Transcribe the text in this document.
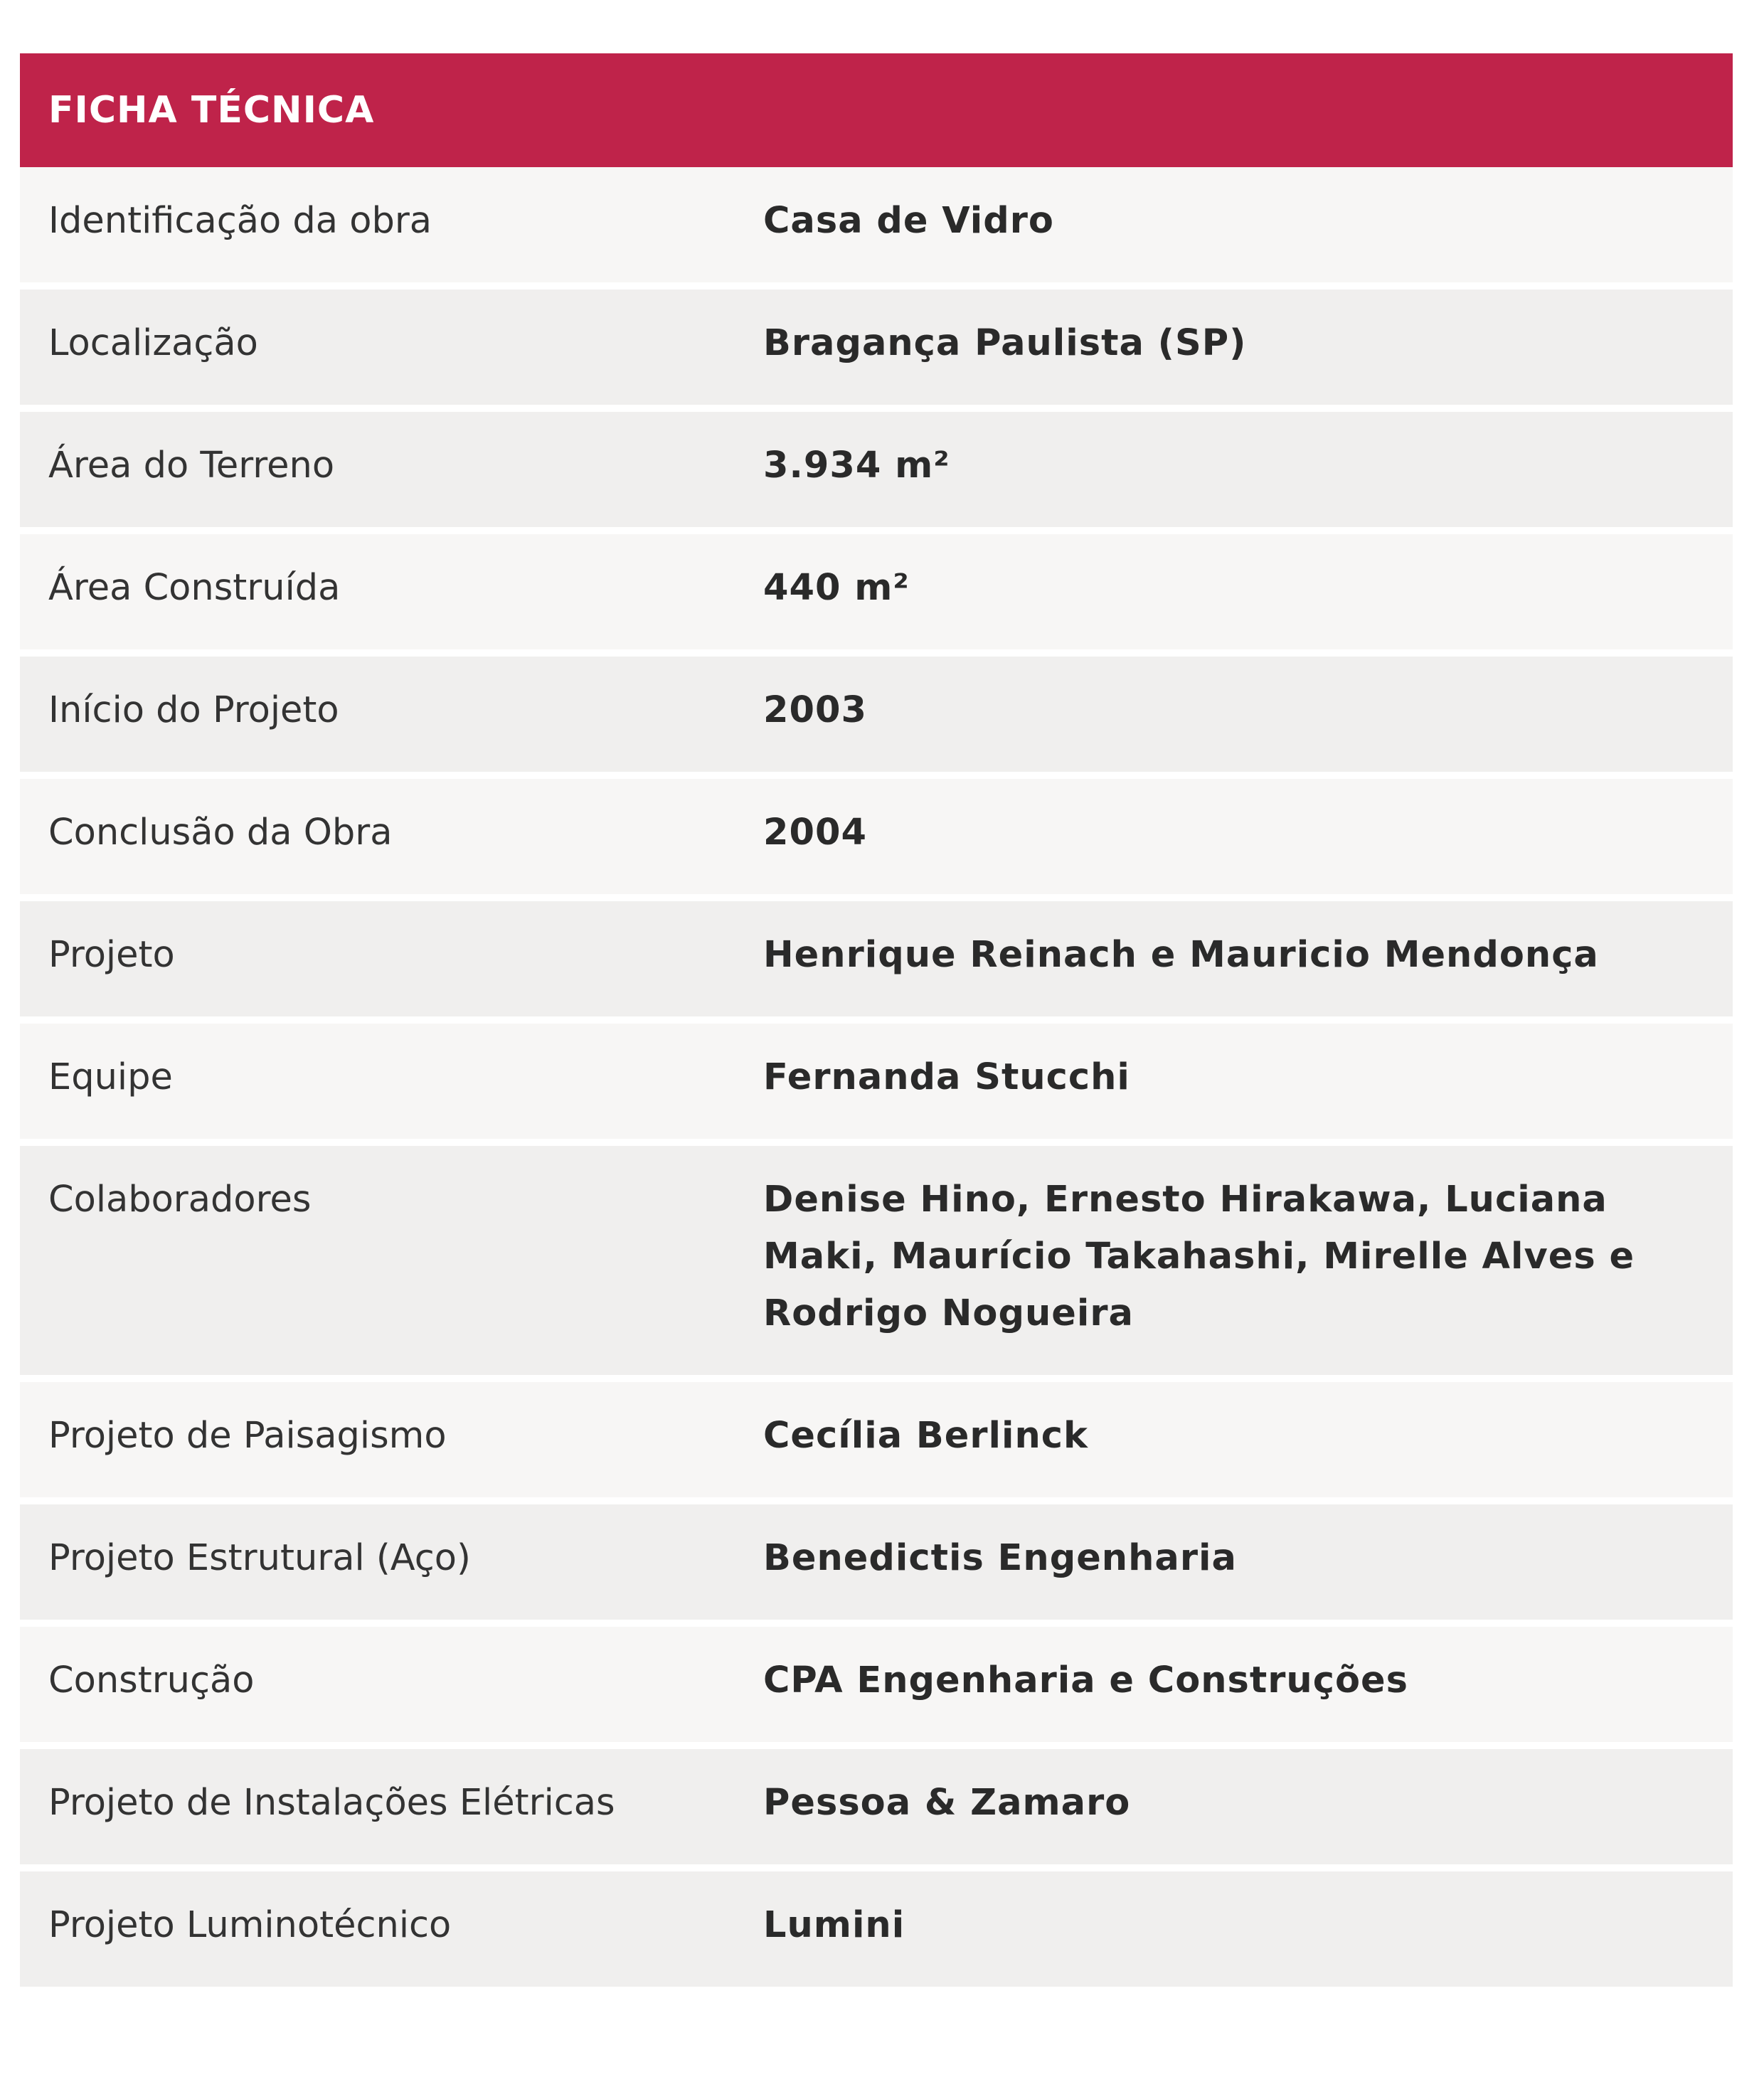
FICHA TÉCNICA
Identificação da obra	Casa de Vidro
Localização	Bragança Paulista (SP)
Área do Terreno	3.934 m²
Área Construída	440 m²
Início do Projeto	2003
Conclusão da Obra	2004
Projeto	Henrique Reinach e Mauricio Mendonça
Equipe	Fernanda Stucchi
Colaboradores	Denise Hino, Ernesto Hirakawa, Luciana Maki, Maurício Takahashi, Mirelle Alves e Rodrigo Nogueira
Projeto de Paisagismo	Cecília Berlinck
Projeto Estrutural (Aço)	Benedictis Engenharia
Construção	CPA Engenharia e Construções
Projeto de Instalações Elétricas	Pessoa & Zamaro
Projeto Luminotécnico	Lumini
